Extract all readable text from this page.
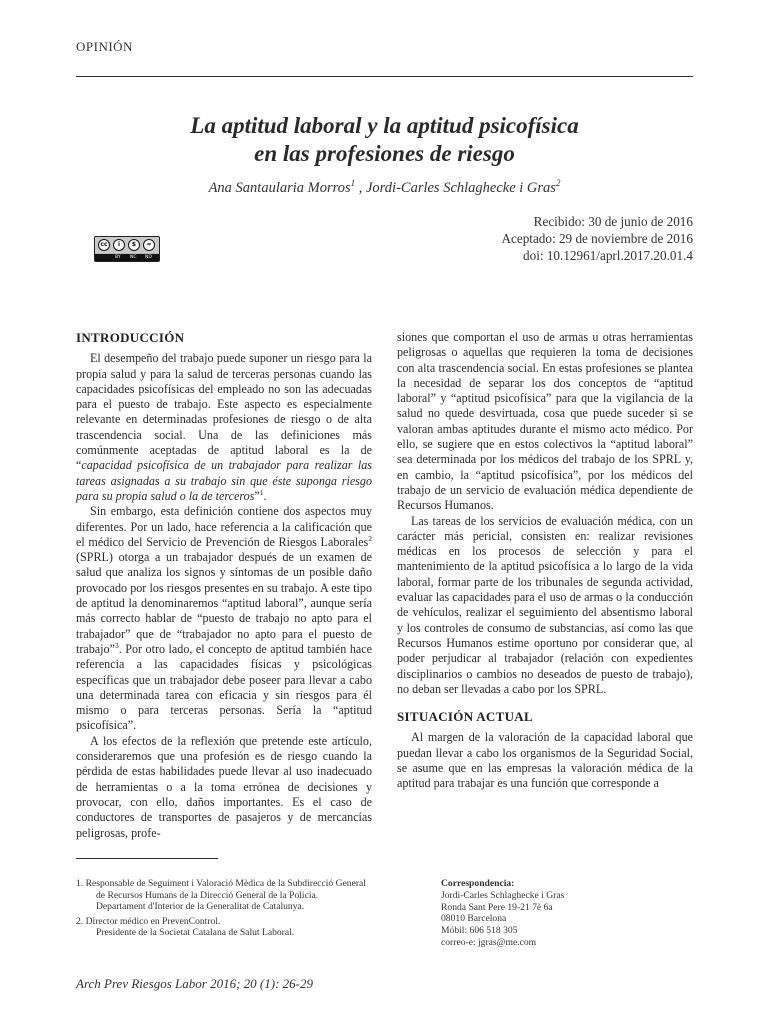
OPINIÓN
La aptitud laboral y la aptitud psicofísica
en las profesiones de riesgo
Ana Santaularia Morros$^1$ , Jordi-Carles Schlaghecke i Gras$^2$
Recibido: 30 de junio de 2016
Aceptado: 29 de noviembre de 2016
doi: 10.12961/aprl.2017.20.01.4
cc	i	$	=
BY NC ND
INTRODUCCIÓN

El desempeño del trabajo puede suponer un riesgo para la propia salud y para la salud de terceras personas cuando las capacidades psicofísicas del empleado no son las adecuadas para el puesto de trabajo. Este aspecto es especialmente relevante en determinadas profesiones de riesgo o de alta trascendencia social. Una de las definiciones más comúnmente aceptadas de aptitud laboral es la de “capacidad psicofísica de un trabajador para realizar las tareas asignadas a su trabajo sin que éste suponga riesgo para su propia salud o la de terceros”$^1$.

Sin embargo, esta definición contiene dos aspectos muy diferentes. Por un lado, hace referencia a la calificación que el médico del Servicio de Prevención de Riesgos Laborales$^2$ (SPRL) otorga a un trabajador después de un examen de salud que analiza los signos y síntomas de un posible daño provocado por los riesgos presentes en su trabajo. A este tipo de aptitud la denominaremos “aptitud laboral”, aunque sería más correcto hablar de “puesto de trabajo no apto para el trabajador” que de “trabajador no apto para el puesto de trabajo”$^3$. Por otro lado, el concepto de aptitud también hace referencia a las capacidades físicas y psicológicas específicas que un trabajador debe poseer para llevar a cabo una determinada tarea con eficacia y sin riesgos para él mismo o para terceras personas. Sería la “aptitud psicofísica”.

A los efectos de la reflexión que pretende este artículo, consideraremos que una profesión es de riesgo cuando la pérdida de estas habilidades puede llevar al uso inadecuado de herramientas o a la toma errónea de decisiones y provocar, con ello, daños importantes. Es el caso de conductores de transportes de pasajeros y de mercancías peligrosas, profe-

siones que comportan el uso de armas u otras herramientas peligrosas o aquellas que requieren la toma de decisiones con alta trascendencia social. En estas profesiones se plantea la necesidad de separar los dos conceptos de “aptitud laboral” y “aptitud psicofísica” para que la vigilancia de la salud no quede desvirtuada, cosa que puede suceder si se valoran ambas aptitudes durante el mismo acto médico. Por ello, se sugiere que en estos colectivos la “aptitud laboral” sea determinada por los médicos del trabajo de los SPRL y, en cambio, la “aptitud psicofísica”, por los médicos del trabajo de un servicio de evaluación médica dependiente de Recursos Humanos.

Las tareas de los servicios de evaluación médica, con un carácter más pericial, consisten en: realizar revisiones médicas en los procesos de selección y para el mantenimiento de la aptitud psicofísica a lo largo de la vida laboral, formar parte de los tribunales de segunda actividad, evaluar las capacidades para el uso de armas o la conducción de vehículos, realizar el seguimiento del absentismo laboral y los controles de consumo de substancias, así como las que Recursos Humanos estime oportuno por considerar que, al poder perjudicar al trabajador (relación con expedientes disciplinarios o cambios no deseados de puesto de trabajo), no deban ser llevadas a cabo por los SPRL.

SITUACIÓN ACTUAL

Al margen de la valoración de la capacidad laboral que puedan llevar a cabo los organismos de la Seguridad Social, se asume que en las empresas la valoración médica de la aptitud para trabajar es una función que corresponde a

1. Responsable de Seguiment i Valoració Mèdica de la Subdirecció General
de Recursos Humans de la Direcció General de la Policia.
Departament d'Interior de la Generalitat de Catalunya.
2. Director médico en PrevenControl.
Presidente de la Societat Catalana de Salut Laboral.
Correspondencia:
Jordi-Carles Schlaghecke i Gras
Ronda Sant Pere 19-21 7è 6a
08010 Barcelona
Móbil: 606 518 305
correo-e: jgras@me.com
Arch Prev Riesgos Labor 2016; 20 (1): 26-29
